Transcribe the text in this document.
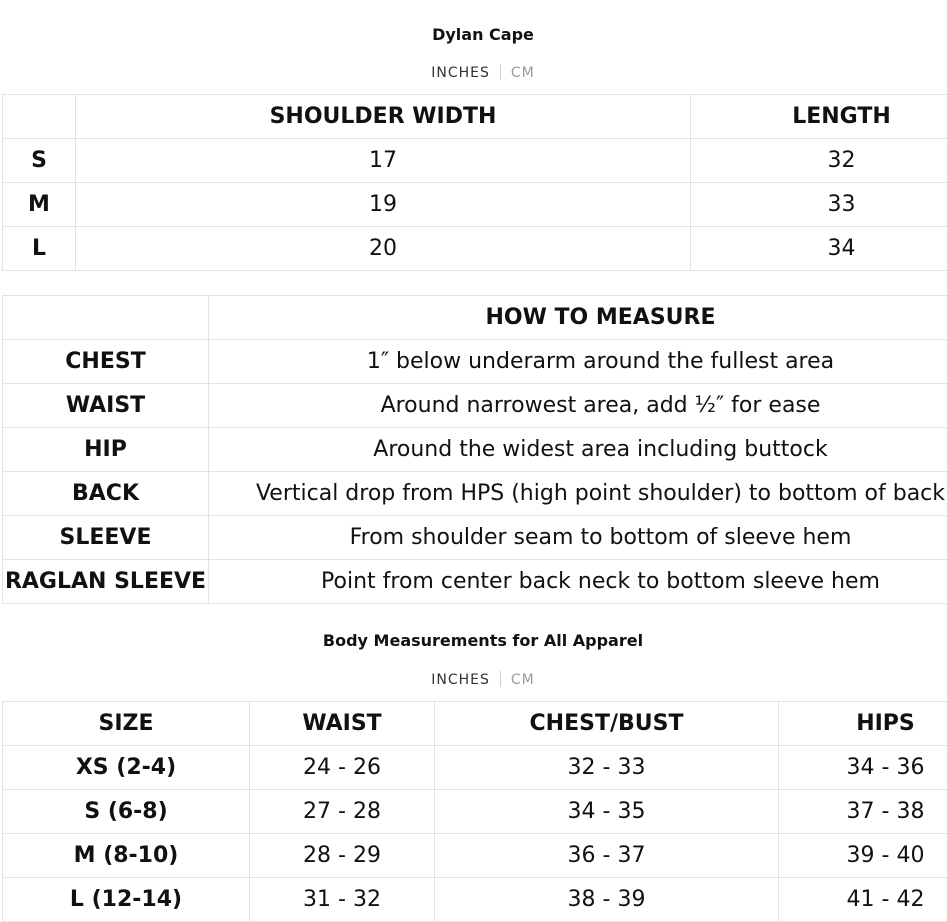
Dylan Cape
INCHES CM
	SHOULDER WIDTH	LENGTH
S	17	32
M	19	33
L	20	34
	HOW TO MEASURE
CHEST	1″ below underarm around the fullest area
WAIST	Around narrowest area, add ½″ for ease
HIP	Around the widest area including buttock
BACK	Vertical drop from HPS (high point shoulder) to bottom of back
SLEEVE	From shoulder seam to bottom of sleeve hem
RAGLAN SLEEVE	Point from center back neck to bottom sleeve hem
Body Measurements for All Apparel
INCHES CM
SIZE	WAIST	CHEST/BUST	HIPS
XS (2-4)	24 - 26	32 - 33	34 - 36
S (6-8)	27 - 28	34 - 35	37 - 38
M (8-10)	28 - 29	36 - 37	39 - 40
L (12-14)	31 - 32	38 - 39	41 - 42
